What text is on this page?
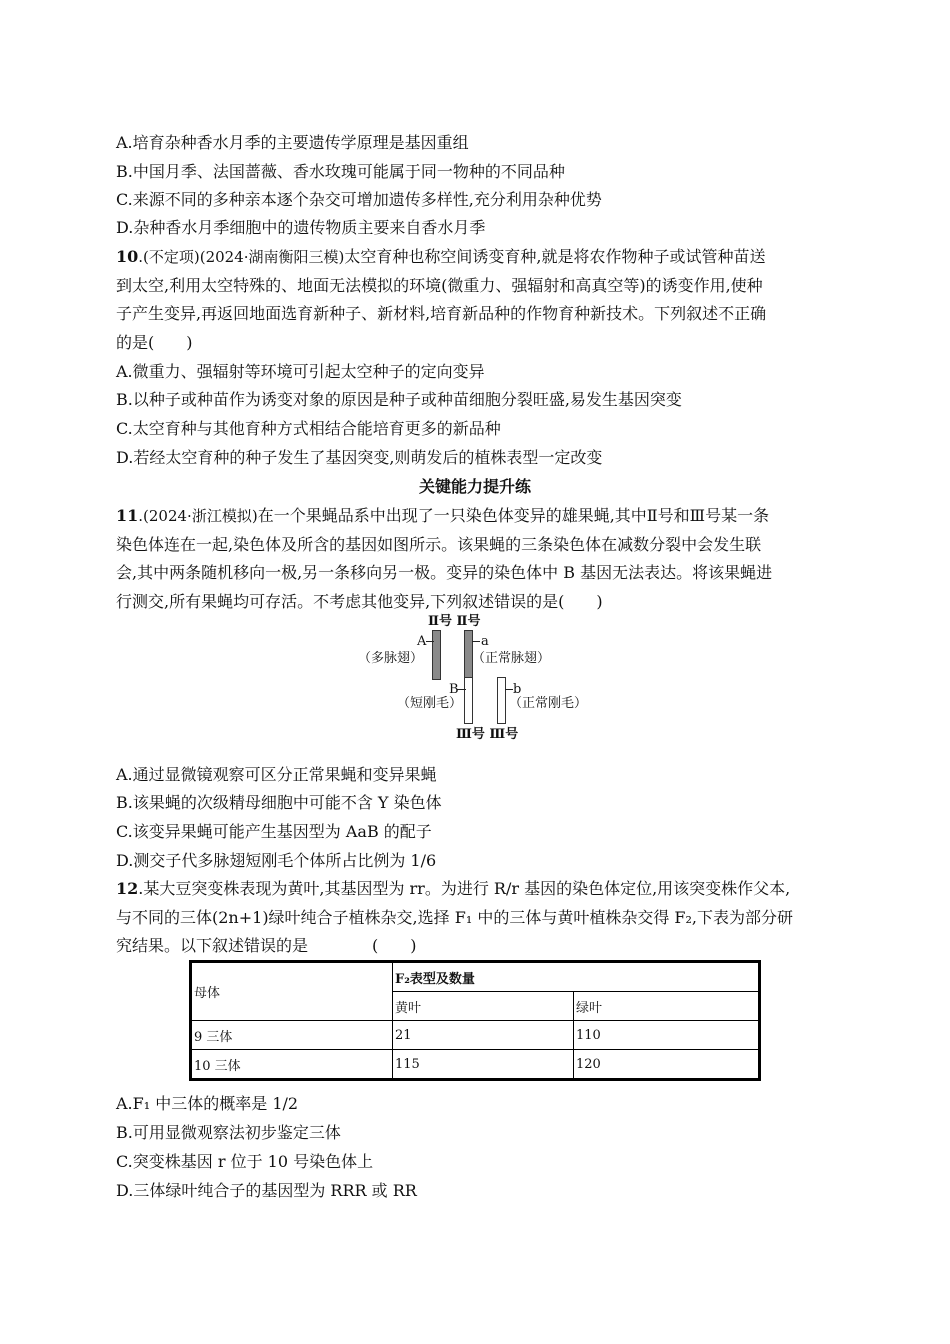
A.培育杂种香水月季的主要遗传学原理是基因重组
B.中国月季、法国蔷薇、香水玫瑰可能属于同一物种的不同品种
C.来源不同的多种亲本逐个杂交可增加遗传多样性,充分利用杂种优势
D.杂种香水月季细胞中的遗传物质主要来自香水月季
10.(不定项)(2024·湖南衡阳三模)太空育种也称空间诱变育种,就是将农作物种子或试管种苗送
到太空,利用太空特殊的、地面无法模拟的环境(微重力、强辐射和高真空等)的诱变作用,使种
子产生变异,再返回地面选育新种子、新材料,培育新品种的作物育种新技术。下列叙述不正确
的是(　　)
A.微重力、强辐射等环境可引起太空种子的定向变异
B.以种子或种苗作为诱变对象的原因是种子或种苗细胞分裂旺盛,易发生基因突变
C.太空育种与其他育种方式相结合能培育更多的新品种
D.若经太空育种的种子发生了基因突变,则萌发后的植株表型一定改变
关键能力提升练
11.(2024·浙江模拟)在一个果蝇品系中出现了一只染色体变异的雄果蝇,其中Ⅱ号和Ⅲ号某一条
染色体连在一起,染色体及所含的基因如图所示。该果蝇的三条染色体在减数分裂中会发生联
会,其中两条随机移向一极,另一条移向另一极。变异的染色体中 B 基因无法表达。将该果蝇进
行测交,所有果蝇均可存活。不考虑其他变异,下列叙述错误的是(　　)
Ⅱ号 Ⅱ号
A
（多脉翅）
a
（正常脉翅）
B
（短刚毛）
b
（正常刚毛）
Ⅲ号 Ⅲ号
A.通过显微镜观察可区分正常果蝇和变异果蝇
B.该果蝇的次级精母细胞中可能不含 Y 染色体
C.该变异果蝇可能产生基因型为 AaB 的配子
D.测交子代多脉翅短刚毛个体所占比例为 1/6
12.某大豆突变株表现为黄叶,其基因型为 rr。为进行 R/r 基因的染色体定位,用该突变株作父本,
与不同的三体(2n+1)绿叶纯合子植株杂交,选择 F₁ 中的三体与黄叶植株杂交得 F₂,下表为部分研
究结果。以下叙述错误的是　　　　(　　)
母体	F₂表型及数量	
	黄叶	绿叶
9 三体	21	110
10 三体	115	120
A.F₁ 中三体的概率是 1/2
B.可用显微观察法初步鉴定三体
C.突变株基因 r 位于 10 号染色体上
D.三体绿叶纯合子的基因型为 RRR 或 RR
